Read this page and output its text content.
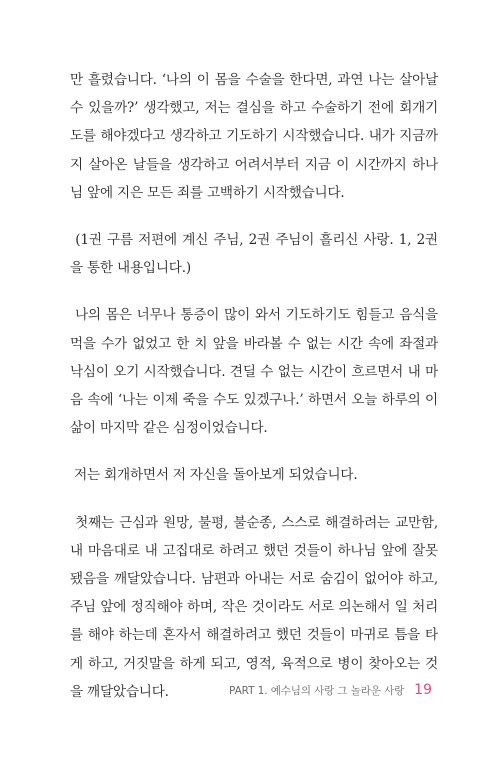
만 흘렸습니다. ‘나의 이 몸을 수술을 한다면, 과연 나는 살아날
수 있을까?’ 생각했고, 저는 결심을 하고 수술하기 전에 회개기
도를 해야겠다고 생각하고 기도하기 시작했습니다. 내가 지금까
지 살아온 날들을 생각하고 어려서부터 지금 이 시간까지 하나
님 앞에 지은 모든 죄를 고백하기 시작했습니다.

(1권 구름 저편에 계신 주님, 2권 주님이 흘리신 사랑. 1, 2권
을 통한 내용입니다.)

나의 몸은 너무나 통증이 많이 와서 기도하기도 힘들고 음식을
먹을 수가 없었고 한 치 앞을 바라볼 수 없는 시간 속에 좌절과
낙심이 오기 시작했습니다. 견딜 수 없는 시간이 흐르면서 내 마
음 속에 ‘나는 이제 죽을 수도 있겠구나.’ 하면서 오늘 하루의 이
삶이 마지막 같은 심정이었습니다.

저는 회개하면서 저 자신을 돌아보게 되었습니다.

첫째는 근심과 원망, 불평, 불순종, 스스로 해결하려는 교만함,
내 마음대로 내 고집대로 하려고 했던 것들이 하나님 앞에 잘못
됐음을 깨달았습니다. 남편과 아내는 서로 숨김이 없어야 하고,
주님 앞에 정직해야 하며, 작은 것이라도 서로 의논해서 일 처리
를 해야 하는데 혼자서 해결하려고 했던 것들이 마귀로 틈을 타
게 하고, 거짓말을 하게 되고, 영적, 육적으로 병이 찾아오는 것
을 깨달았습니다.	PART 1. 예수님의 사랑 그 놀라운 사랑 19
